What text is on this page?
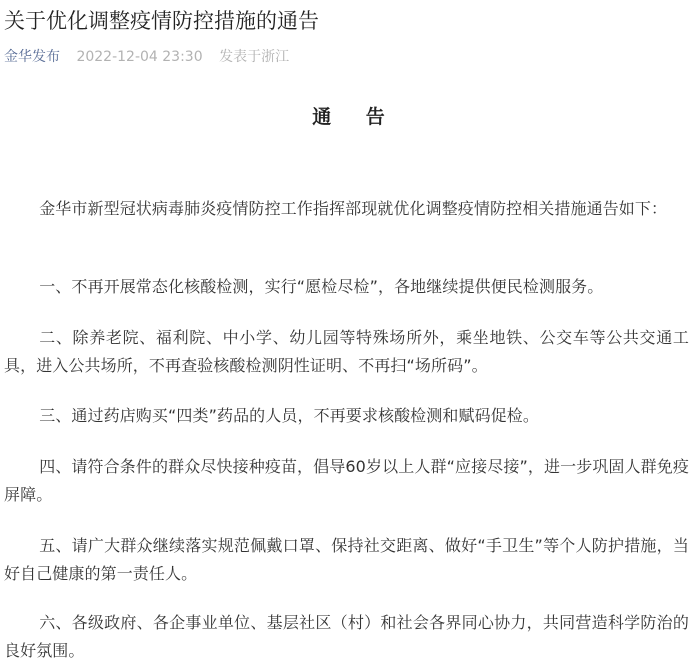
关于优化调整疫情防控措施的通告
金华发布 2022-12-04 23:30 发表于浙江
通 告

金华市新型冠状病毒肺炎疫情防控工作指挥部现就优化调整疫情防控相关措施通告如下：

一、不再开展常态化核酸检测，实行“愿检尽检”，各地继续提供便民检测服务。

二、除养老院、福利院、中小学、幼儿园等特殊场所外，乘坐地铁、公交车等公共交通工具，进入公共场所，不再查验核酸检测阴性证明、不再扫“场所码”。

三、通过药店购买“四类”药品的人员，不再要求核酸检测和赋码促检。

四、请符合条件的群众尽快接种疫苗，倡导60岁以上人群“应接尽接”，进一步巩固人群免疫屏障。

五、请广大群众继续落实规范佩戴口罩、保持社交距离、做好“手卫生”等个人防护措施，当好自己健康的第一责任人。

六、各级政府、各企事业单位、基层社区（村）和社会各界同心协力，共同营造科学防治的良好氛围。
